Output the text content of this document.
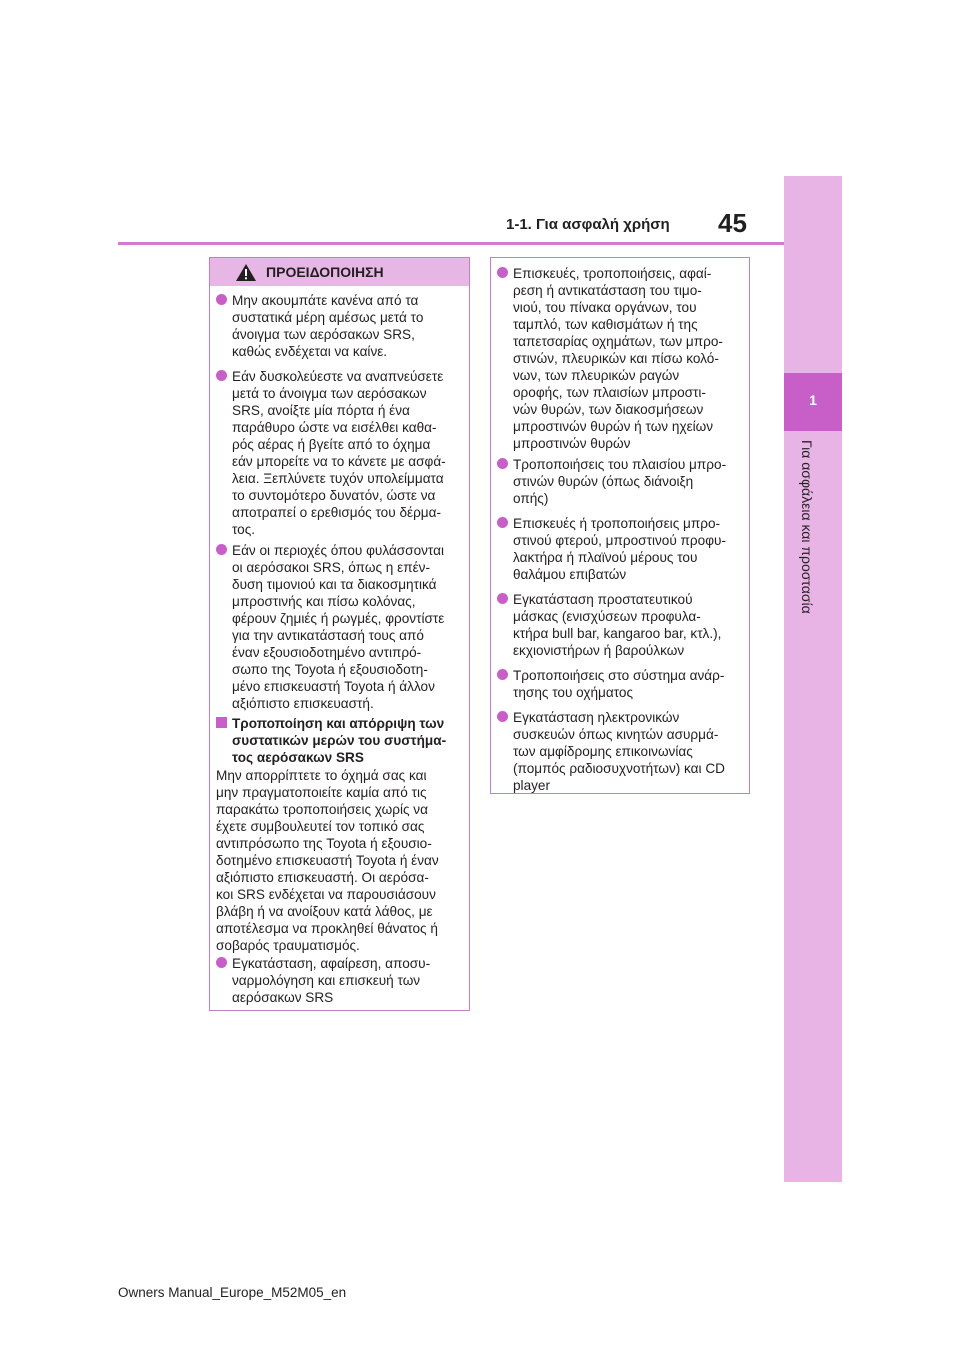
1-1. Για ασφαλή χρήση 45
1
Για ασφάλεια και προστασία
ΠΡΟΕΙΔΟΠΟΙΗΣΗ
Μην ακουμπάτε κανένα από τα
συστατικά μέρη αμέσως μετά το
άνοιγμα των αερόσακων SRS,
καθώς ενδέχεται να καίνε.
Εάν δυσκολεύεστε να αναπνεύσετε
μετά το άνοιγμα των αερόσακων
SRS, ανοίξτε μία πόρτα ή ένα
παράθυρο ώστε να εισέλθει καθα-
ρός αέρας ή βγείτε από το όχημα
εάν μπορείτε να το κάνετε με ασφά-
λεια. Ξεπλύνετε τυχόν υπολείμματα
το συντομότερο δυνατόν, ώστε να
αποτραπεί ο ερεθισμός του δέρμα-
τος.
Εάν οι περιοχές όπου φυλάσσονται
οι αερόσακοι SRS, όπως η επέν-
δυση τιμονιού και τα διακοσμητικά
μπροστινής και πίσω κολόνας,
φέρουν ζημιές ή ρωγμές, φροντίστε
για την αντικατάστασή τους από
έναν εξουσιοδοτημένο αντιπρό-
σωπο της Toyota ή εξουσιοδοτη-
μένο επισκευαστή Toyota ή άλλον
αξιόπιστο επισκευαστή.
Τροποποίηση και απόρριψη των
συστατικών μερών του συστήμα-
τος αερόσακων SRS
Μην απορρίπτετε το όχημά σας και
μην πραγματοποιείτε καμία από τις
παρακάτω τροποποιήσεις χωρίς να
έχετε συμβουλευτεί τον τοπικό σας
αντιπρόσωπο της Toyota ή εξουσιο-
δοτημένο επισκευαστή Toyota ή έναν
αξιόπιστο επισκευαστή. Οι αερόσα-
κοι SRS ενδέχεται να παρουσιάσουν
βλάβη ή να ανοίξουν κατά λάθος, με
αποτέλεσμα να προκληθεί θάνατος ή
σοβαρός τραυματισμός.
Εγκατάσταση, αφαίρεση, αποσυ-
ναρμολόγηση και επισκευή των
αερόσακων SRS
Επισκευές, τροποποιήσεις, αφαί-
ρεση ή αντικατάσταση του τιμο-
νιού, του πίνακα οργάνων, του
ταμπλό, των καθισμάτων ή της
ταπετσαρίας οχημάτων, των μπρο-
στινών, πλευρικών και πίσω κολό-
νων, των πλευρικών ραγών
οροφής, των πλαισίων μπροστι-
νών θυρών, των διακοσμήσεων
μπροστινών θυρών ή των ηχείων
μπροστινών θυρών
Τροποποιήσεις του πλαισίου μπρο-
στινών θυρών (όπως διάνοιξη
οπής)
Επισκευές ή τροποποιήσεις μπρο-
στινού φτερού, μπροστινού προφυ-
λακτήρα ή πλαϊνού μέρους του
θαλάμου επιβατών
Εγκατάσταση προστατευτικού
μάσκας (ενισχύσεων προφυλα-
κτήρα bull bar, kangaroo bar, κτλ.),
εκχιονιστήρων ή βαρούλκων
Τροποποιήσεις στο σύστημα ανάρ-
τησης του οχήματος
Εγκατάσταση ηλεκτρονικών
συσκευών όπως κινητών ασυρμά-
των αμφίδρομης επικοινωνίας
(πομπός ραδιοσυχνοτήτων) και CD
player
Owners Manual_Europe_M52M05_en
